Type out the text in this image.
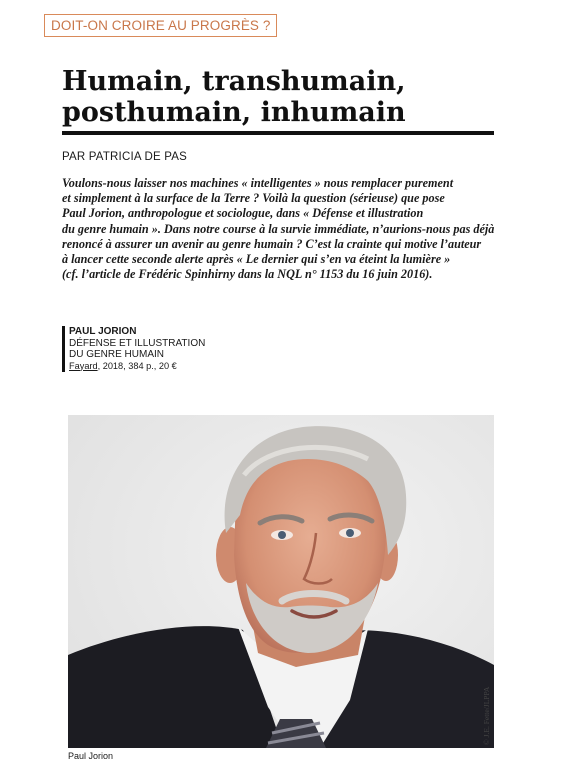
DOIT-ON CROIRE AU PROGRÈS ?
Humain, transhumain,
posthumain, inhumain
PAR PATRICIA DE PAS
Voulons-nous laisser nos machines « intelligentes » nous remplacer purement
et simplement à la surface de la Terre ? Voilà la question (sérieuse) que pose
Paul Jorion, anthropologue et sociologue, dans « Défense et illustration
du genre humain ». Dans notre course à la survie immédiate, n’aurions-nous pas déjà
renoncé à assurer un avenir au genre humain ? C’est la crainte qui motive l’auteur
à lancer cette seconde alerte après « Le dernier qui s’en va éteint la lumière »
(cf. l’article de Frédéric Spinhirny dans la NQL n° 1153 du 16 juin 2016).
PAUL JORION
DÉFENSE ET ILLUSTRATION
DU GENRE HUMAIN
Fayard, 2018, 384 p., 20 €
© J.E. Fette/JLPPA
Paul Jorion
